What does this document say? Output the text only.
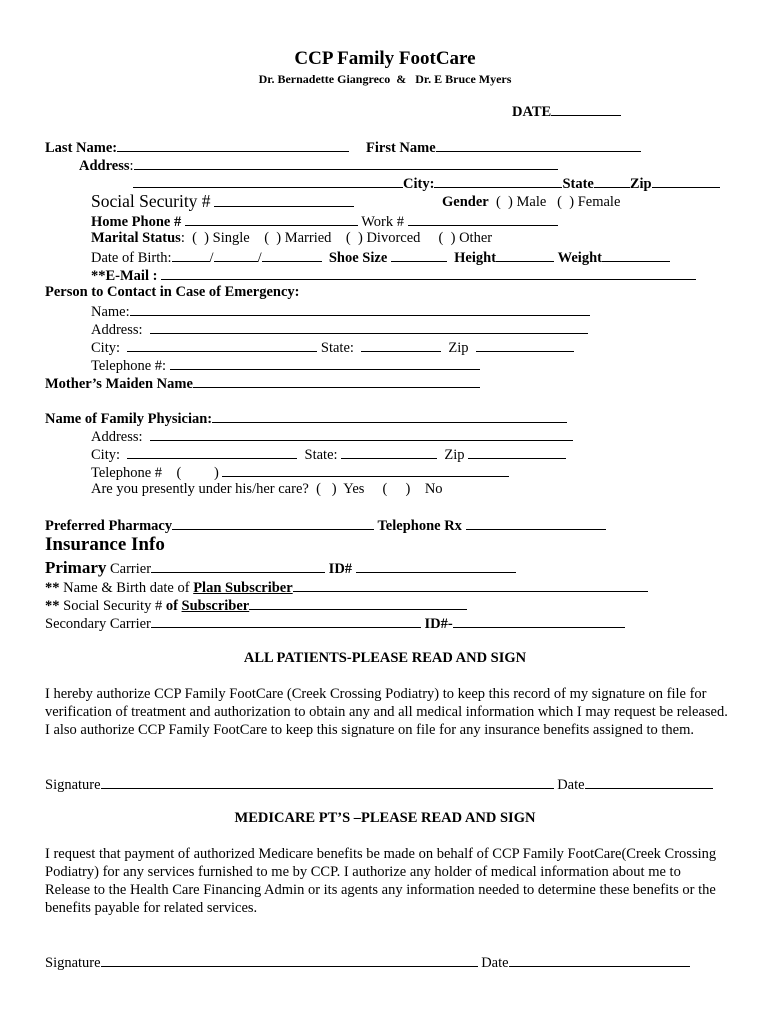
CCP Family FootCare
Dr. Bernadette Giangreco  &   Dr. E Bruce Myers
DATE
Last Name:	First Name
Address:
City:	State Zip
Social Security #	Gender (  ) Male (  ) Female
Home Phone #	Work #
Marital Status:  (  ) Single (  ) Married (  ) Divorced (  ) Other
Date of Birth:	/	/	Shoe Size	Height	Weight
**E-Mail :
Person to Contact in Case of Emergency:
Name:
Address:
City:	State:	Zip
Telephone #:
Mother’s Maiden Name
Name of Family Physician:
Address:
City:	State:	Zip
Telephone #    (         )
Are you presently under his/her care? (   )  Yes (     )    No
Preferred Pharmacy	Telephone Rx
Insurance Info
Primary Carrier	ID#
** Name & Birth date of Plan Subscriber
** Social Security # of Subscriber
Secondary Carrier	ID#-
ALL PATIENTS-PLEASE READ AND SIGN
I hereby authorize CCP Family FootCare (Creek Crossing Podiatry) to keep this record of my signature on file for
verification of treatment and authorization to obtain any and all medical information which I may request be released.
I also authorize CCP Family FootCare to keep this signature on file for any insurance benefits assigned to them.
Signature	Date
MEDICARE PT’S –PLEASE READ AND SIGN
I request that payment of authorized Medicare benefits be made on behalf of CCP Family FootCare(Creek Crossing
Podiatry) for any services furnished to me by CCP. I authorize any holder of medical information about me to
Release to the Health Care Financing Admin or its agents any information needed to determine these benefits or the
benefits payable for related services.
Signature	Date
